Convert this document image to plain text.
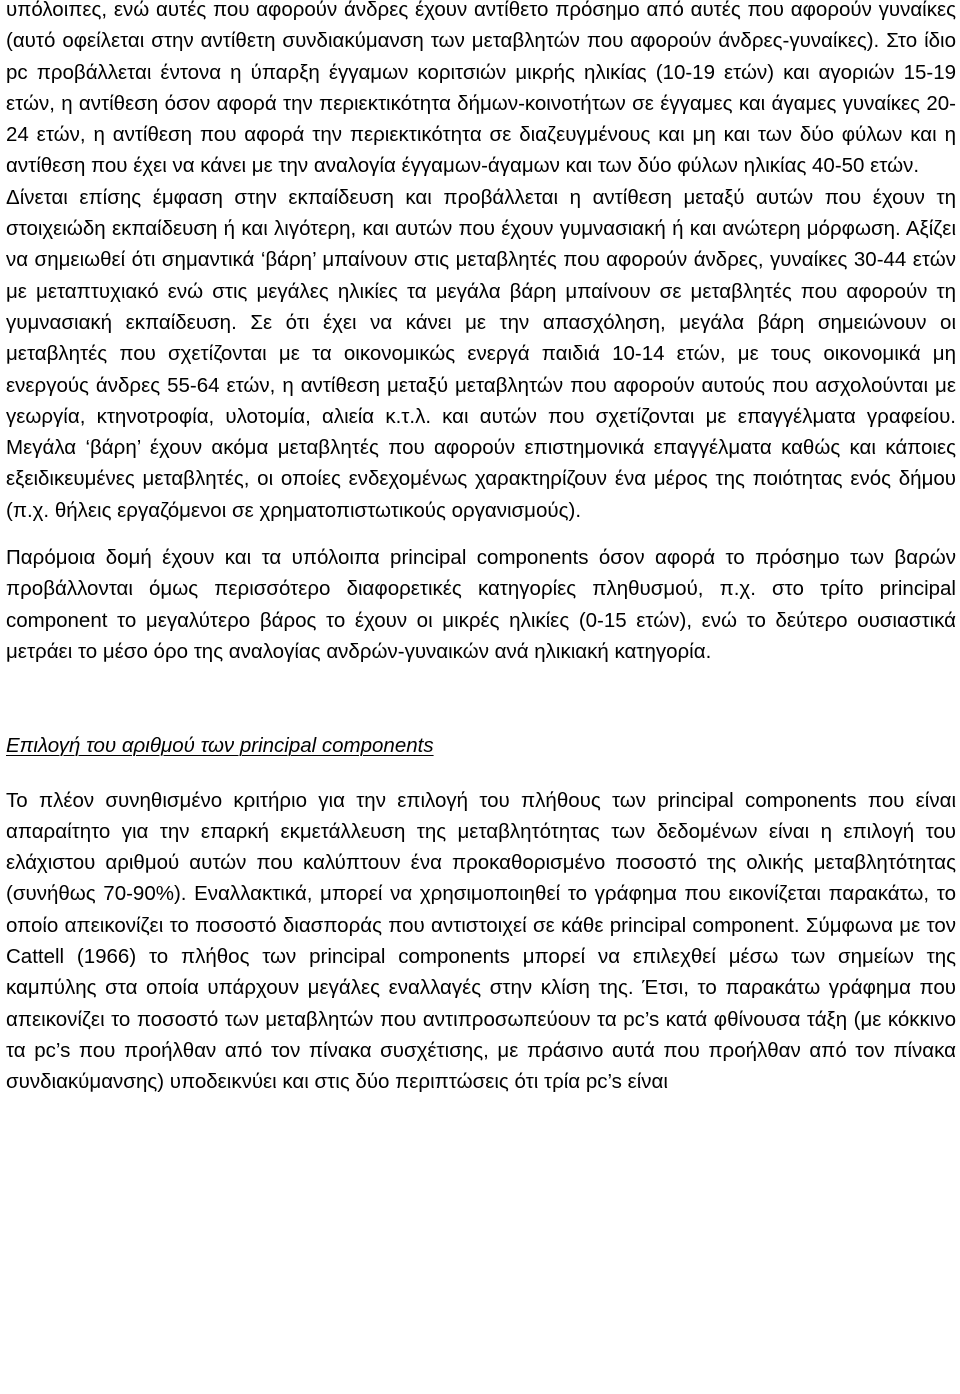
υπόλοιπες, ενώ αυτές που αφορούν άνδρες έχουν αντίθετο πρόσημο από αυτές που αφορούν γυναίκες (αυτό οφείλεται στην αντίθετη συνδιακύμανση των μεταβλητών που αφορούν άνδρες-γυναίκες). Στο ίδιο pc προβάλλεται έντονα η ύπαρξη έγγαμων κοριτσιών μικρής ηλικίας (10-19 ετών) και αγοριών 15-19 ετών, η αντίθεση όσον αφορά την περιεκτικότητα δήμων-κοινοτήτων σε έγγαμες και άγαμες γυναίκες 20-24 ετών, η αντίθεση που αφορά την περιεκτικότητα σε διαζευγμένους και μη και των δύο φύλων και η αντίθεση που έχει να κάνει με την αναλογία έγγαμων-άγαμων και των δύο φύλων ηλικίας 40-50 ετών.

Δίνεται επίσης έμφαση στην εκπαίδευση και προβάλλεται η αντίθεση μεταξύ αυτών που έχουν τη στοιχειώδη εκπαίδευση ή και λιγότερη, και αυτών που έχουν γυμνασιακή ή και ανώτερη μόρφωση. Αξίζει να σημειωθεί ότι σημαντικά ‘βάρη’ μπαίνουν στις μεταβλητές που αφορούν άνδρες, γυναίκες 30-44 ετών με μεταπτυχιακό ενώ στις μεγάλες ηλικίες τα μεγάλα βάρη μπαίνουν σε μεταβλητές που αφορούν τη γυμνασιακή εκπαίδευση. Σε ότι έχει να κάνει με την απασχόληση, μεγάλα βάρη σημειώνουν οι μεταβλητές που σχετίζονται με τα οικονομικώς ενεργά παιδιά 10-14 ετών, με τους οικονομικά μη ενεργούς άνδρες 55-64 ετών, η αντίθεση μεταξύ μεταβλητών που αφορούν αυτούς που ασχολούνται με γεωργία, κτηνοτροφία, υλοτομία, αλιεία κ.τ.λ. και αυτών που σχετίζονται με επαγγέλματα γραφείου. Μεγάλα ‘βάρη’ έχουν ακόμα μεταβλητές που αφορούν επιστημονικά επαγγέλματα καθώς και κάποιες εξειδικευμένες μεταβλητές, οι οποίες ενδεχομένως χαρακτηρίζουν ένα μέρος της ποιότητας ενός δήμου (π.χ. θήλεις εργαζόμενοι σε χρηματοπιστωτικούς οργανισμούς).

Παρόμοια δομή έχουν και τα υπόλοιπα principal components όσον αφορά το πρόσημο των βαρών προβάλλονται όμως περισσότερο διαφορετικές κατηγορίες πληθυσμού, π.χ. στο τρίτο principal component το μεγαλύτερο βάρος το έχουν οι μικρές ηλικίες (0-15 ετών), ενώ το δεύτερο ουσιαστικά μετράει το μέσο όρο της αναλογίας ανδρών-γυναικών ανά ηλικιακή κατηγορία.

Επιλογή του αριθμού των principal components

Το πλέον συνηθισμένο κριτήριο για την επιλογή του πλήθους των principal components που είναι απαραίτητο για την επαρκή εκμετάλλευση της μεταβλητότητας των δεδομένων είναι η επιλογή του ελάχιστου αριθμού αυτών που καλύπτουν ένα προκαθορισμένο ποσοστό της ολικής μεταβλητότητας (συνήθως 70-90%). Εναλλακτικά, μπορεί να χρησιμοποιηθεί το γράφημα που εικονίζεται παρακάτω, το οποίο απεικονίζει το ποσοστό διασποράς που αντιστοιχεί σε κάθε principal component. Σύμφωνα με τον Cattell (1966) το πλήθος των principal components μπορεί να επιλεχθεί μέσω των σημείων της καμπύλης στα οποία υπάρχουν μεγάλες εναλλαγές στην κλίση της. Έτσι, το παρακάτω γράφημα που απεικονίζει το ποσοστό των μεταβλητών που αντιπροσωπεύουν τα pc’s κατά φθίνουσα τάξη (με κόκκινο τα pc’s που προήλθαν από τον πίνακα συσχέτισης, με πράσινο αυτά που προήλθαν από τον πίνακα συνδιακύμανσης) υποδεικνύει και στις δύο περιπτώσεις ότι τρία pc’s είναι
